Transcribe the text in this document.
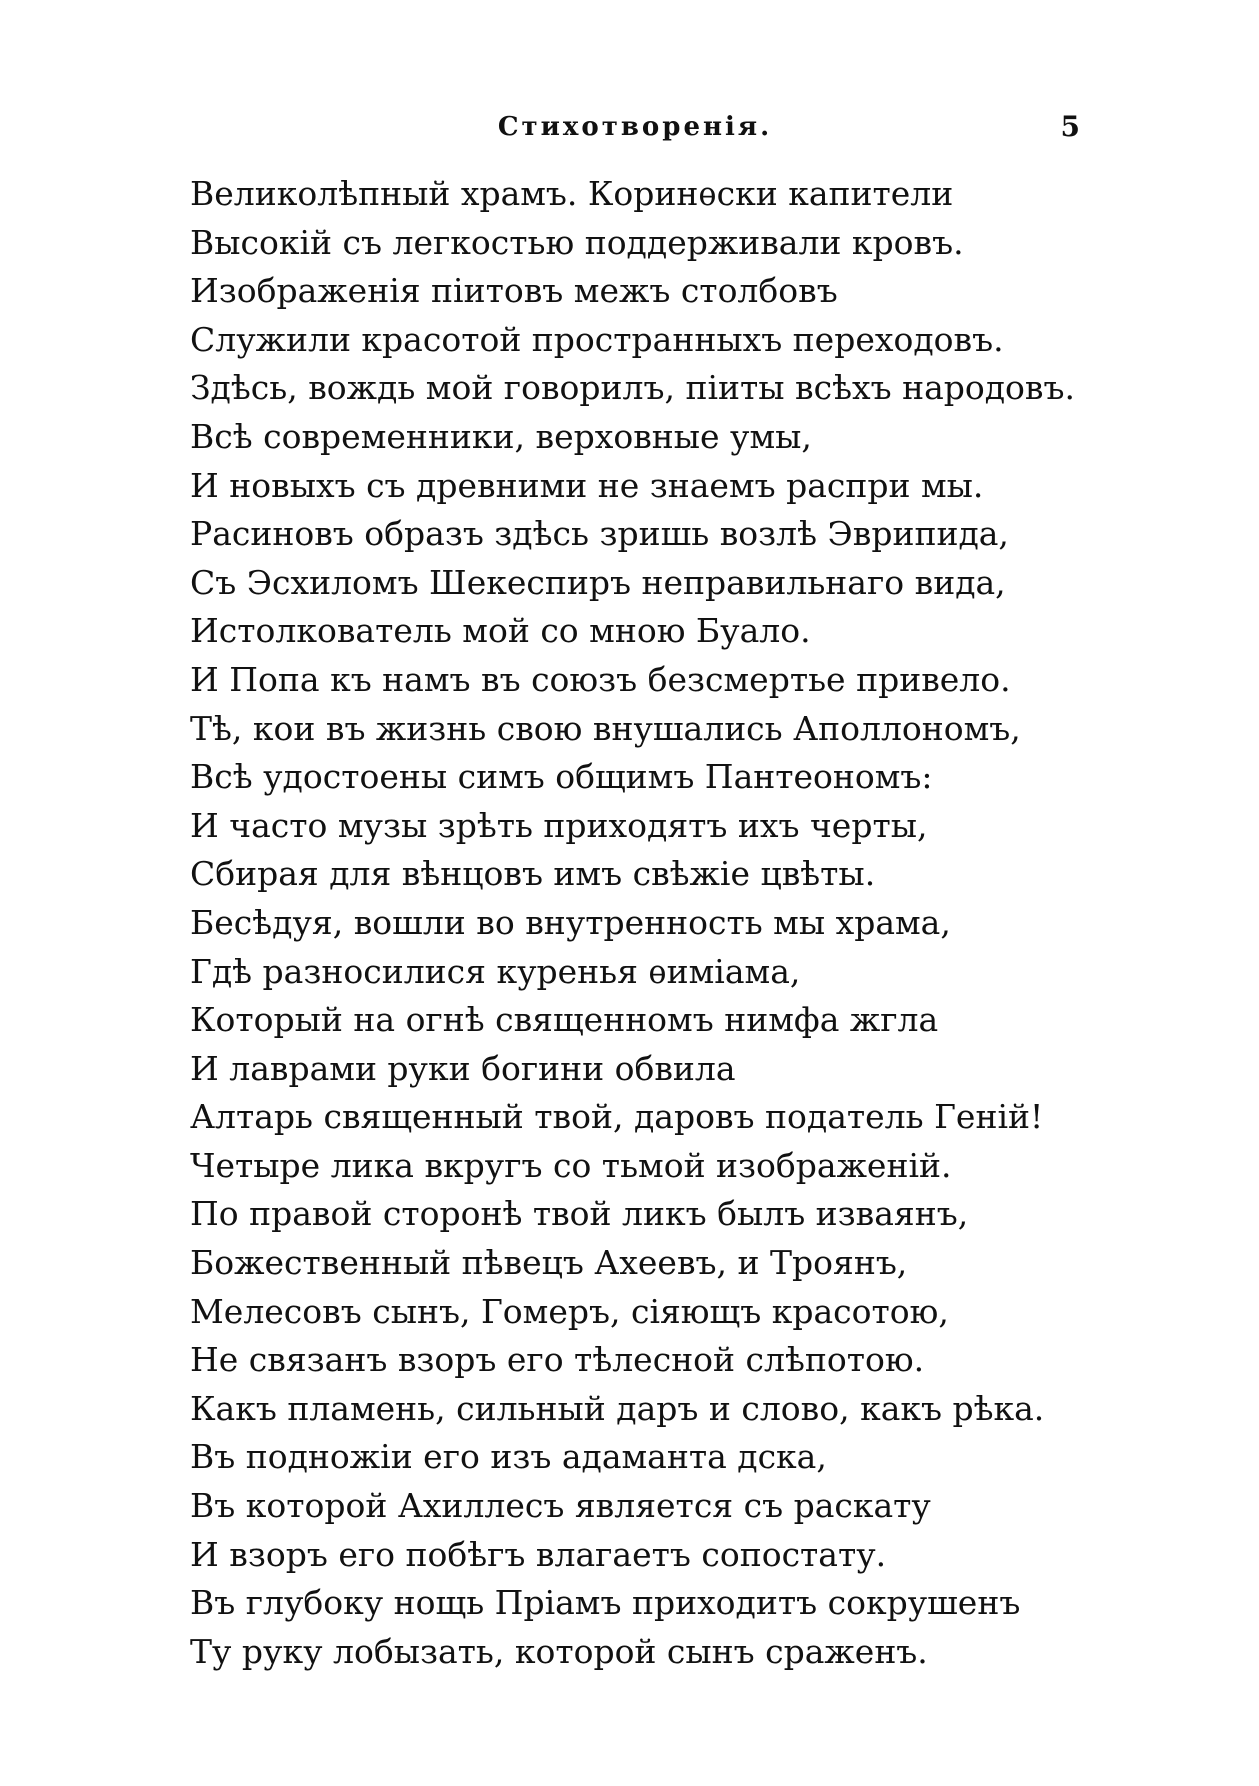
Стихотворенія.	5
Великолѣпный храмъ. Коринѳски капители
Высокій съ легкостью поддерживали кровъ.
Изображенія піитовъ межъ столбовъ
Служили красотой пространныхъ переходовъ.
Здѣсь, вождь мой говорилъ, піиты всѣхъ народовъ.
Всѣ современники, верховные умы,
И новыхъ съ древними не знаемъ распри мы.
Расиновъ образъ здѣсь зришь возлѣ Эврипида,
Съ Эсхиломъ Шекеспиръ неправильнаго вида,
Истолкователь мой со мною Буало.
И Попа къ намъ въ союзъ безсмертье привело.
Тѣ, кои въ жизнь свою внушались Аполлономъ,
Всѣ удостоены симъ общимъ Пантеономъ:
И часто музы зрѣть приходятъ ихъ черты,
Сбирая для вѣнцовъ имъ свѣжіе цвѣты.
Бесѣдуя, вошли во внутренность мы храма,
Гдѣ разносилися куренья ѳиміама,
Который на огнѣ священномъ нимфа жгла
И лаврами руки богини обвила
Алтарь священный твой, даровъ податель Геній!
Четыре лика вкругъ со тьмой изображеній.
По правой сторонѣ твой ликъ былъ изваянъ,
Божественный пѣвецъ Ахеевъ, и Троянъ,
Мелесовъ сынъ, Гомеръ, сіяющъ красотою,
Не связанъ взоръ его тѣлесной слѣпотою.
Какъ пламень, сильный даръ и слово, какъ рѣка.
Въ подножіи его изъ адаманта дска,
Въ которой Ахиллесъ является съ раскату
И взоръ его побѣгъ влагаетъ сопостату.
Въ глубоку нощь Пріамъ приходитъ сокрушенъ
Ту руку лобызать, которой сынъ сраженъ.
